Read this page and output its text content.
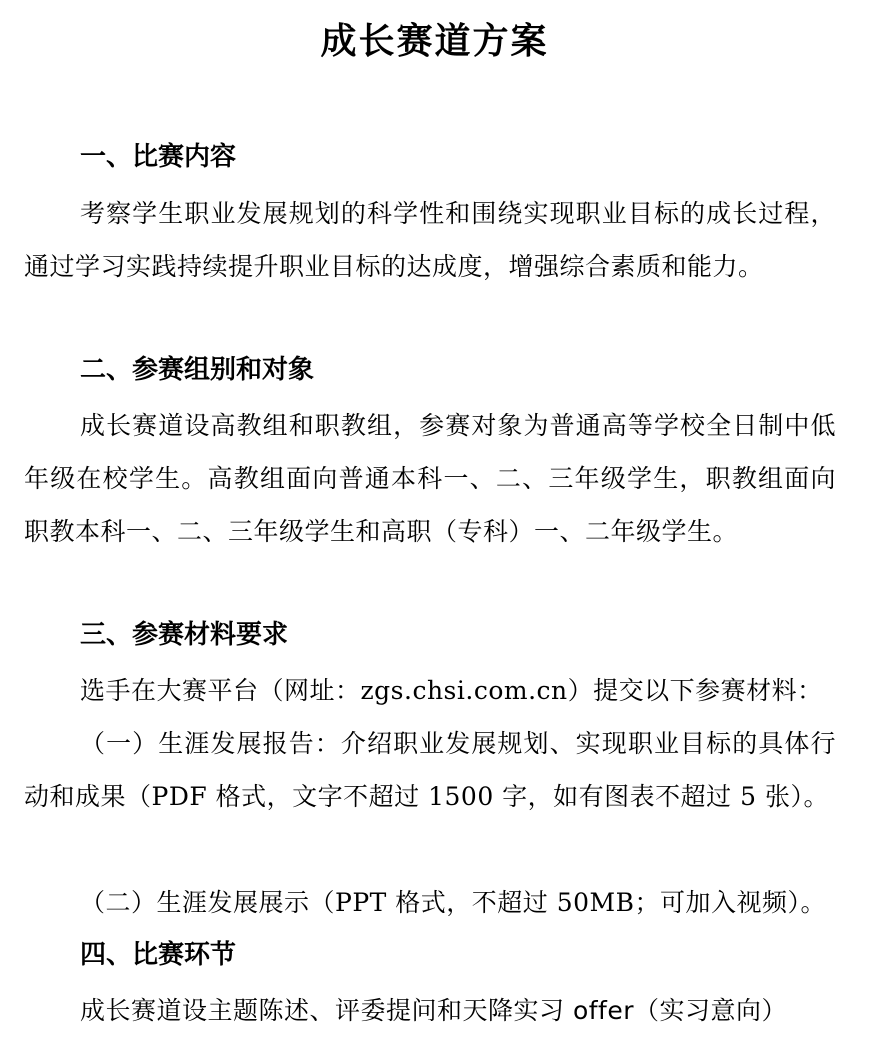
成长赛道方案
一、比赛内容

考察学生职业发展规划的科学性和围绕实现职业目标的成长过程，通过学习实践持续提升职业目标的达成度，增强综合素质和能力。

二、参赛组别和对象

成长赛道设高教组和职教组，参赛对象为普通高等学校全日制中低年级在校学生。高教组面向普通本科一、二、三年级学生，职教组面向职教本科一、二、三年级学生和高职（专科）一、二年级学生。

三、参赛材料要求

选手在大赛平台（网址：zgs.chsi.com.cn）提交以下参赛材料：

（一）生涯发展报告：介绍职业发展规划、实现职业目标的具体行动和成果（PDF 格式，文字不超过 1500 字，如有图表不超过 5 张）。

（二）生涯发展展示（PPT 格式，不超过 50MB；可加入视频）。

四、比赛环节

成长赛道设主题陈述、评委提问和天降实习 offer（实习意向）
